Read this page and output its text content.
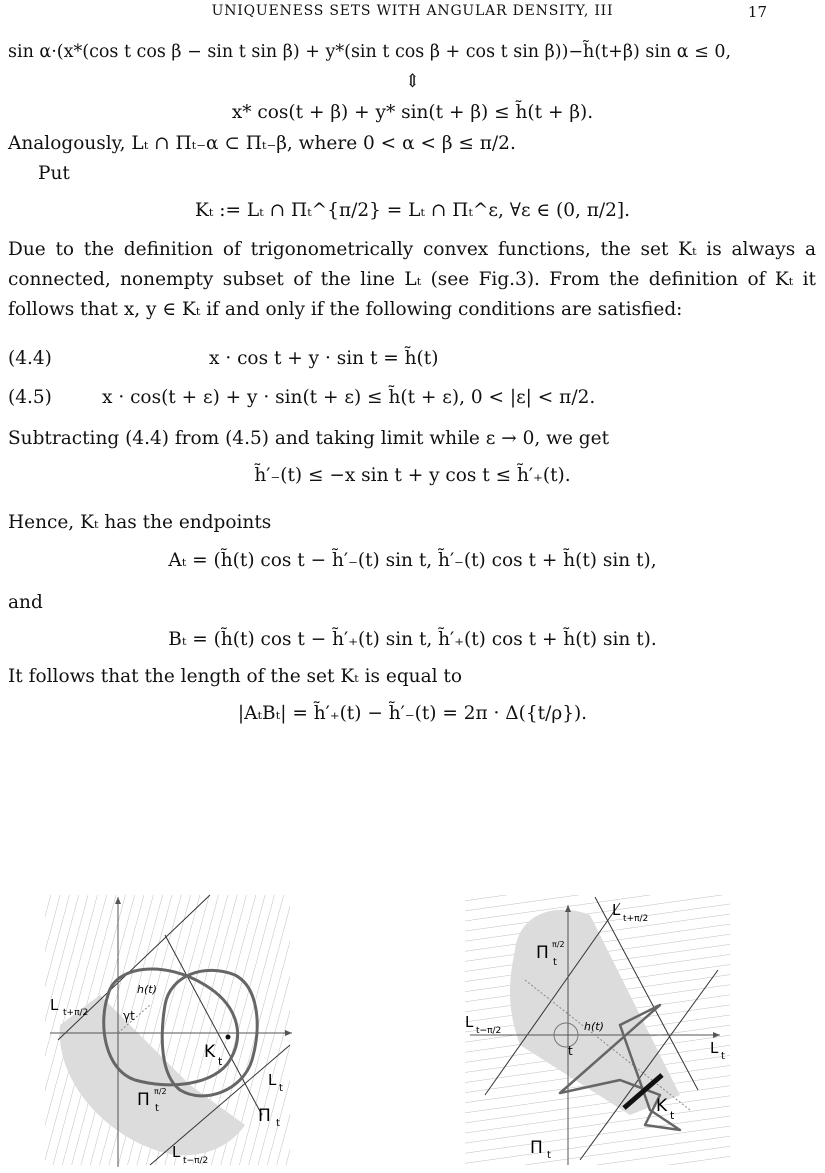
UNIQUENESS SETS WITH ANGULAR DENSITY, III	17
sin α·(x*(cos t cos β − sin t sin β) + y*(sin t cos β + cos t sin β))−h̃(t+β) sin α ≤ 0,
⇕
x* cos(t + β) + y* sin(t + β) ≤ h̃(t + β).
Analogously, Lₜ ∩ Πₜ₋α ⊂ Πₜ₋β, where 0 < α < β ≤ π/2.
Put
Kₜ := Lₜ ∩ Πₜ^{π/2} = Lₜ ∩ Πₜ^ε, ∀ε ∈ (0, π/2].
Due to the definition of trigonometrically convex functions, the set Kₜ is always a connected, nonempty subset of the line Lₜ (see Fig.3). From the definition of Kₜ it follows that x, y ∈ Kₜ if and only if the following conditions are satisfied:
(4.4)	x · cos t + y · sin t = h̃(t)
(4.5)	x · cos(t + ε) + y · sin(t + ε) ≤ h̃(t + ε), 0 < |ε| < π/2.
Subtracting (4.4) from (4.5) and taking limit while ε → 0, we get
h̃′₋(t) ≤ −x sin t + y cos t ≤ h̃′₊(t).
Hence, Kₜ has the endpoints
Aₜ = (h̃(t) cos t − h̃′₋(t) sin t, h̃′₋(t) cos t + h̃(t) sin t),
and
Bₜ = (h̃(t) cos t − h̃′₊(t) sin t, h̃′₊(t) cos t + h̃(t) sin t).
It follows that the length of the set Kₜ is equal to
|AₜBₜ| = h̃′₊(t) − h̃′₋(t) = 2π · Δ({t/ρ}).
L t+π/2
h(t)
γt
K t
L t
Π π/2
t	Π t
L t−π/2
L t+π/2
Π π/2
t
L t−π/2
t
h(t)
L t
K t
Π t
